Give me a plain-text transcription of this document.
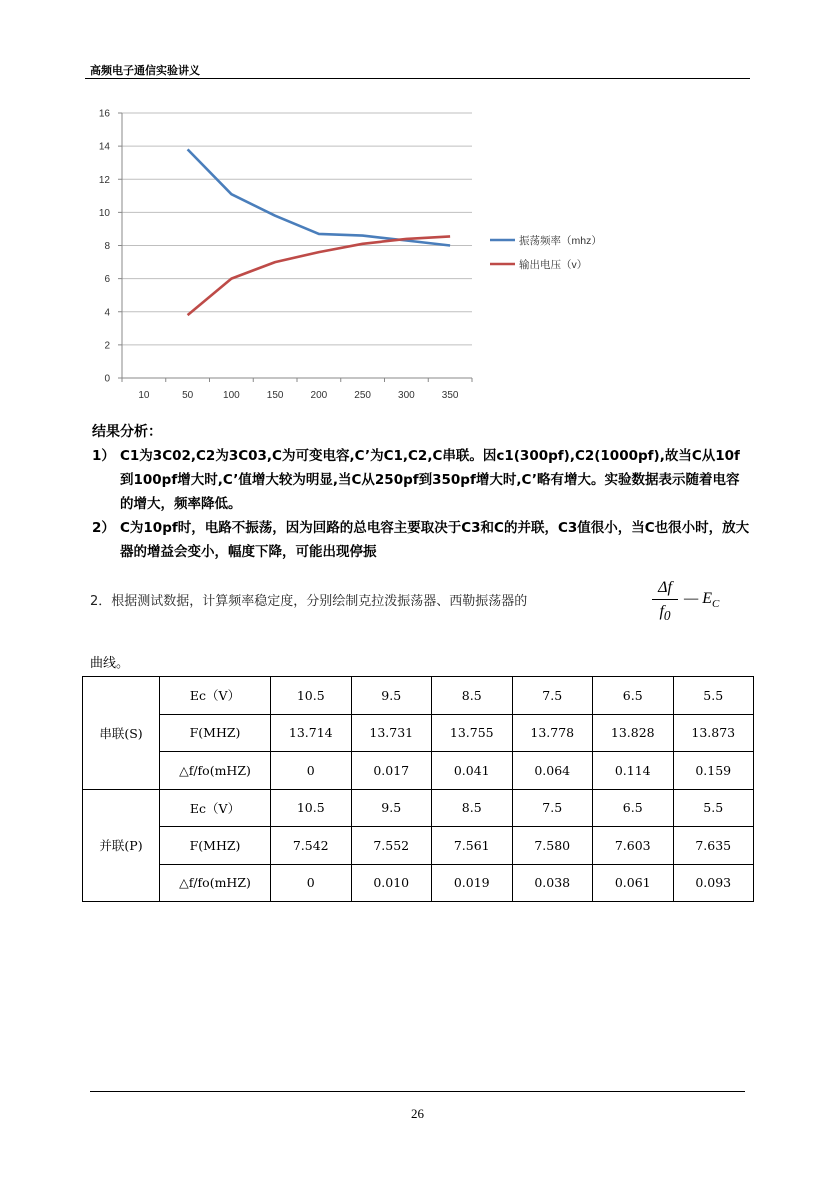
高频电子通信实验讲义
0
2
4
6
8
10
12
14
16
10	50	100	150	200	250	300	350
振荡频率（mhz）
输出电压（v）
结果分析：
1） C1为3C02,C2为3C03,C为可变电容,C’为C1,C2,C串联。因c1(300pf),C2(1000pf),故当C从10f到100pf增大时,C’值增大较为明显,当C从250pf到350pf增大时,C’略有增大。实验数据表示随着电容的增大，频率降低。
2） C为10pf时，电路不振荡，因为回路的总电容主要取决于C3和C的并联，C3值很小，当C也很小时，放大器的增益会变小，幅度下降，可能出现停振
2．根据测试数据，计算频率稳定度，分别绘制克拉泼振荡器、西勒振荡器的
Δf
$f_0$
— $E_C$
曲线。
串联(S)	Ec（V）	10.5	9.5	8.5	7.5	6.5	5.5
	F(MHZ)	13.714	13.731	13.755	13.778	13.828	13.873
	△f/fo(mHZ)	0	0.017	0.041	0.064	0.114	0.159
并联(P)	Ec（V）	10.5	9.5	8.5	7.5	6.5	5.5
	F(MHZ)	7.542	7.552	7.561	7.580	7.603	7.635
	△f/fo(mHZ)	0	0.010	0.019	0.038	0.061	0.093
26
